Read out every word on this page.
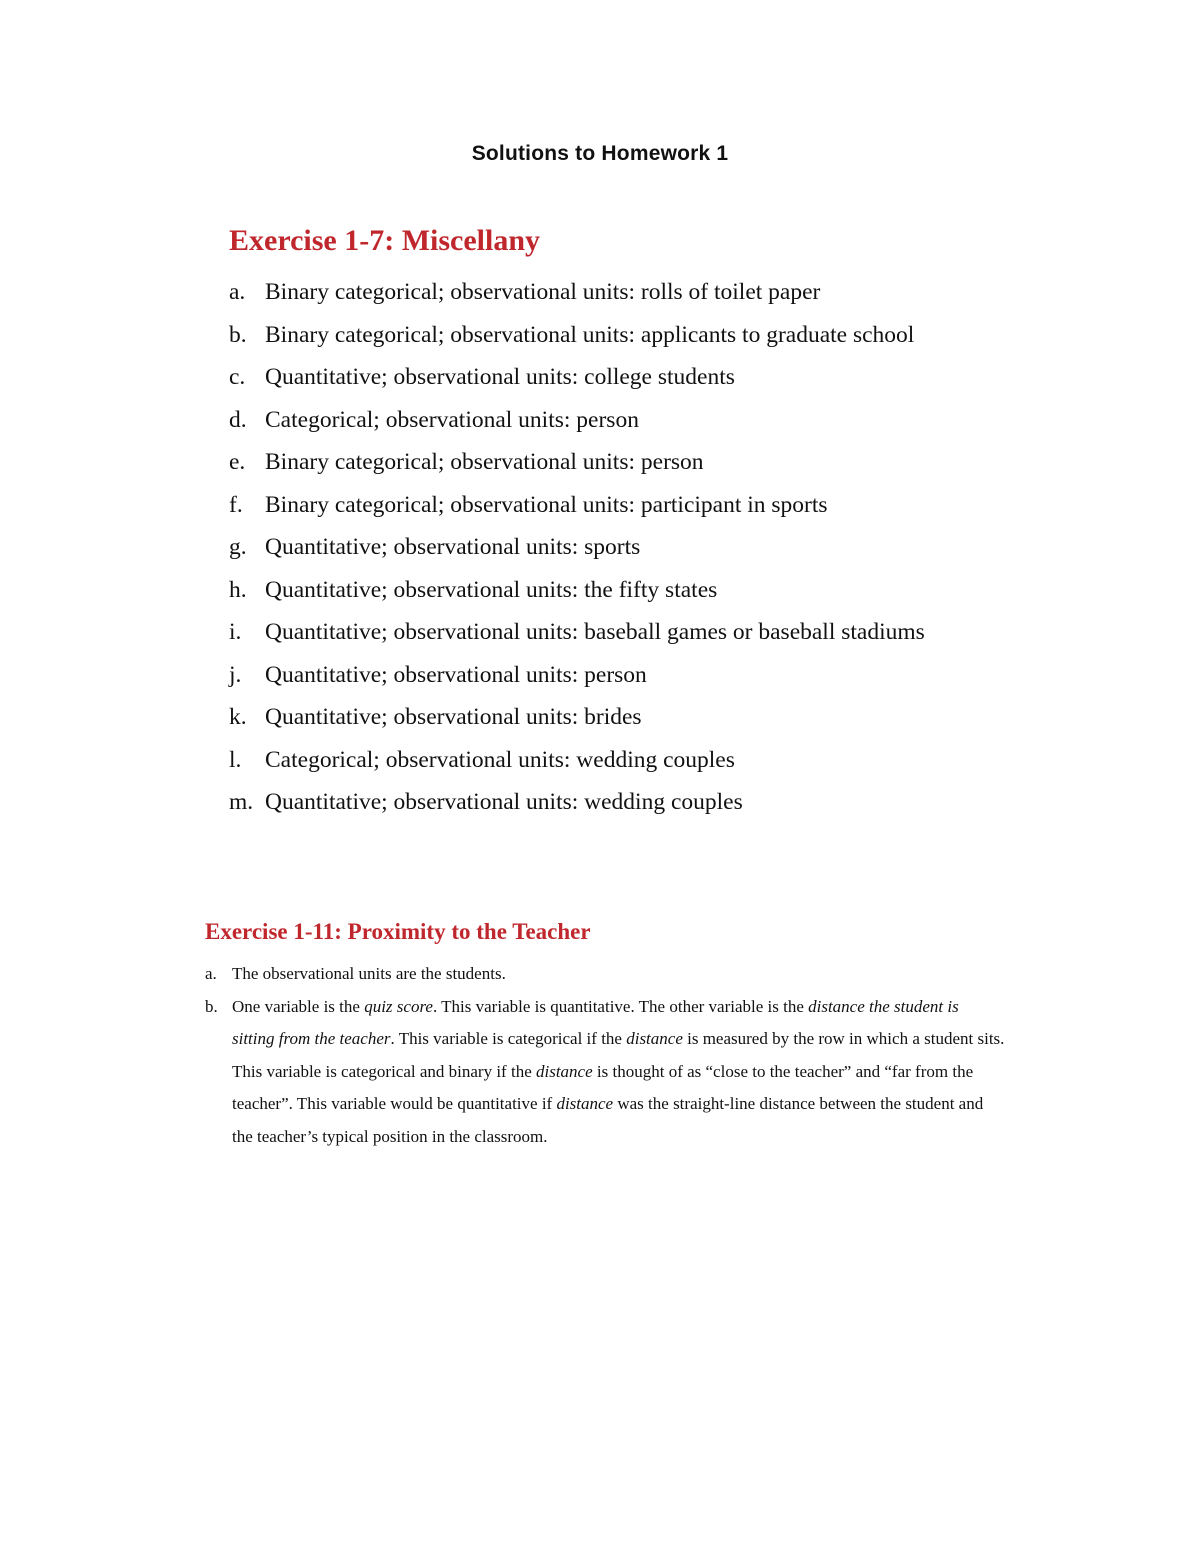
Solutions to Homework 1
Exercise 1-7: Miscellany
a. Binary categorical; observational units: rolls of toilet paper
b. Binary categorical; observational units: applicants to graduate school
c. Quantitative; observational units: college students
d. Categorical; observational units: person
e. Binary categorical; observational units: person
f. Binary categorical; observational units: participant in sports
g. Quantitative; observational units: sports
h. Quantitative; observational units: the fifty states
i.	Quantitative; observational units: baseball games or baseball stadiums
j.	Quantitative; observational units: person
k. Quantitative; observational units: brides
l.	Categorical; observational units: wedding couples
m. Quantitative; observational units: wedding couples
Exercise 1-11: Proximity to the Teacher
a. The observational units are the students.
b. One variable is the quiz score. This variable is quantitative. The other variable is the distance the student is sitting from the teacher. This variable is categorical if the distance is measured by the row in which a student sits. This variable is categorical and binary if the distance is thought of as “close to the teacher” and “far from the teacher”. This variable would be quantitative if distance was the straight-line distance between the student and the teacher’s typical position in the classroom.
